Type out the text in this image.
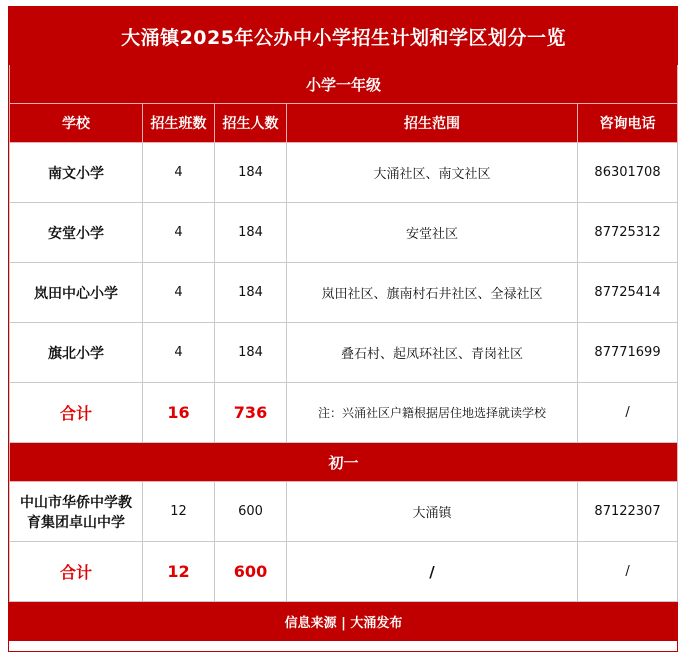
大涌镇2025年公办中小学招生计划和学区划分一览				
小学一年级				
学校	招生班数	招生人数	招生范围	咨询电话
南文小学	4	184	大涌社区、南文社区	86301708
安堂小学	4	184	安堂社区	87725312
岚田中心小学	4	184	岚田社区、旗南村石井社区、全禄社区	87725414
旗北小学	4	184	叠石村、起凤环社区、青岗社区	87771699
合计	16	736	注：兴涌社区户籍根据居住地选择就读学校	/
初一				

中山市华侨中学教
育集团卓山中学	12	600	大涌镇	87122307
合计	12	600	/	/
信息来源 | 大涌发布				
